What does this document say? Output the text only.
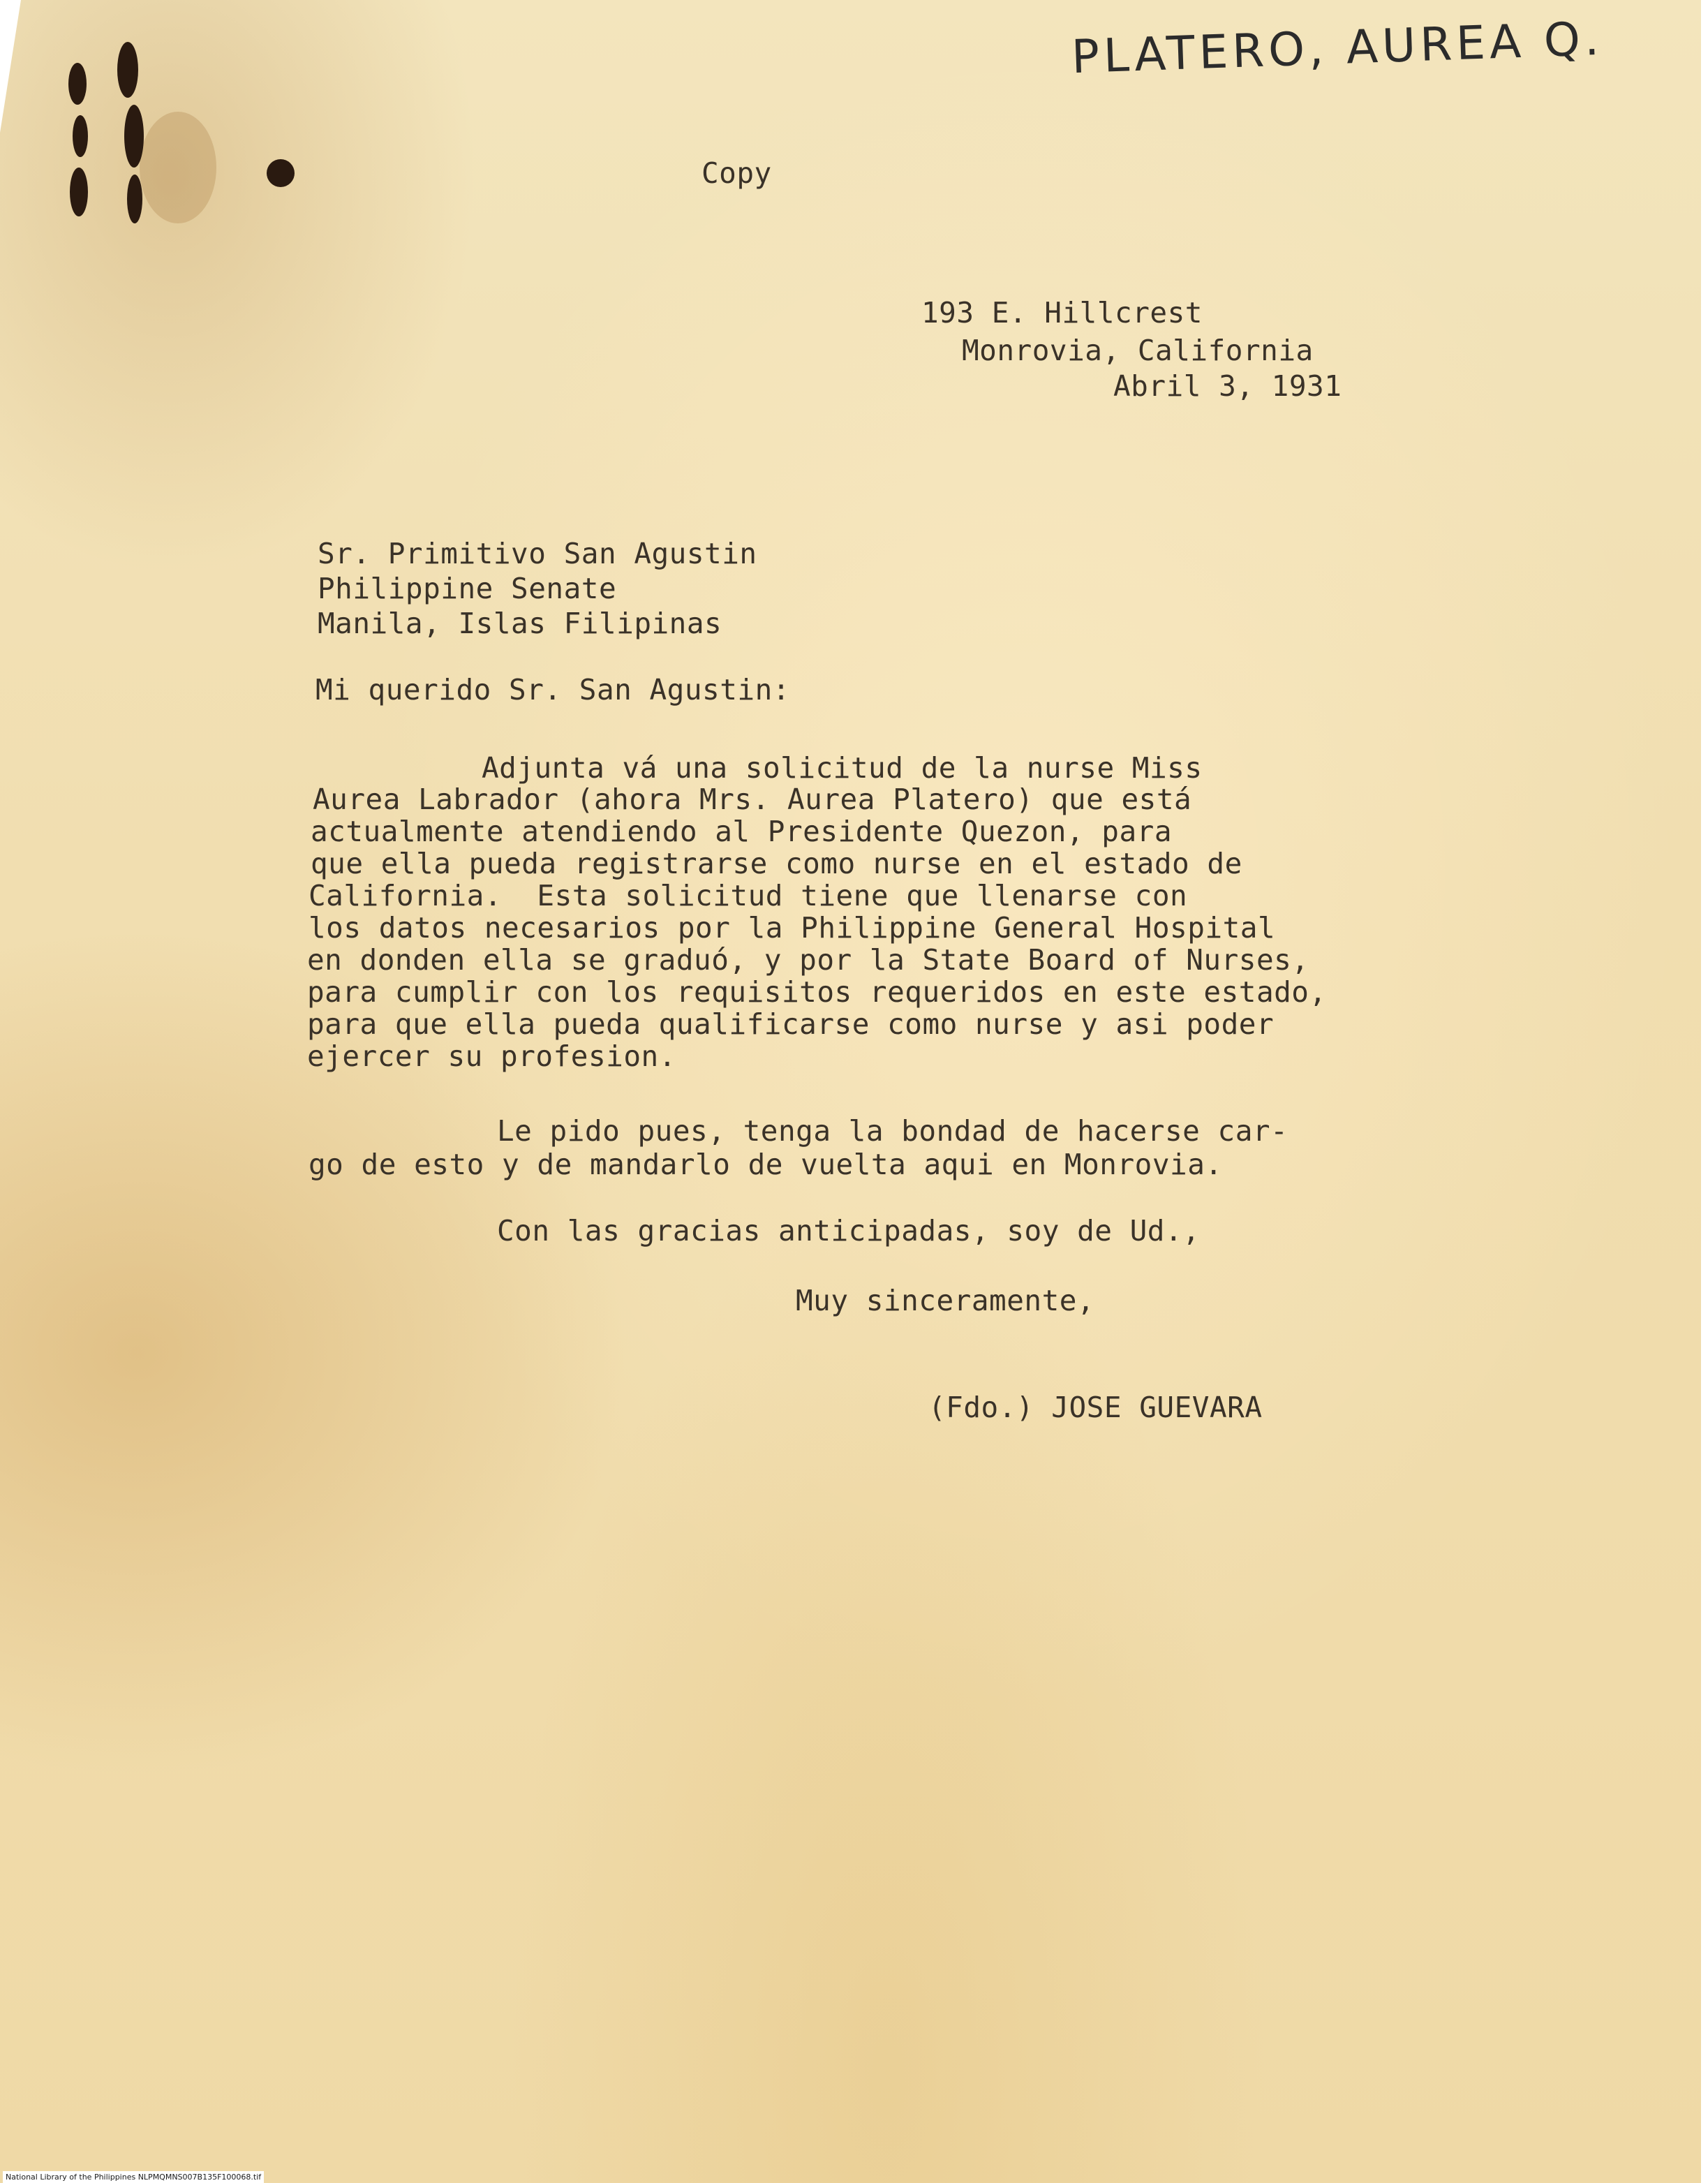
PLATERO, AUREA Q.
Copy
193 E. Hillcrest
Monrovia, California
Abril 3, 1931
Sr. Primitivo San Agustin
Philippine Senate
Manila, Islas Filipinas
Mi querido Sr. San Agustin:
Adjunta vá una solicitud de la nurse Miss
Aurea Labrador (ahora Mrs. Aurea Platero) que está
actualmente atendiendo al Presidente Quezon, para
que ella pueda registrarse como nurse en el estado de
California.  Esta solicitud tiene que llenarse con
los datos necesarios por la Philippine General Hospital
en donden ella se graduó, y por la State Board of Nurses,
para cumplir con los requisitos requeridos en este estado,
para que ella pueda qualificarse como nurse y asi poder
ejercer su profesion.
Le pido pues, tenga la bondad de hacerse car-
go de esto y de mandarlo de vuelta aqui en Monrovia.
Con las gracias anticipadas, soy de Ud.,
Muy sinceramente,
(Fdo.) JOSE GUEVARA
National Library of the Philippines NLPMQMNS007B135F100068.tif
